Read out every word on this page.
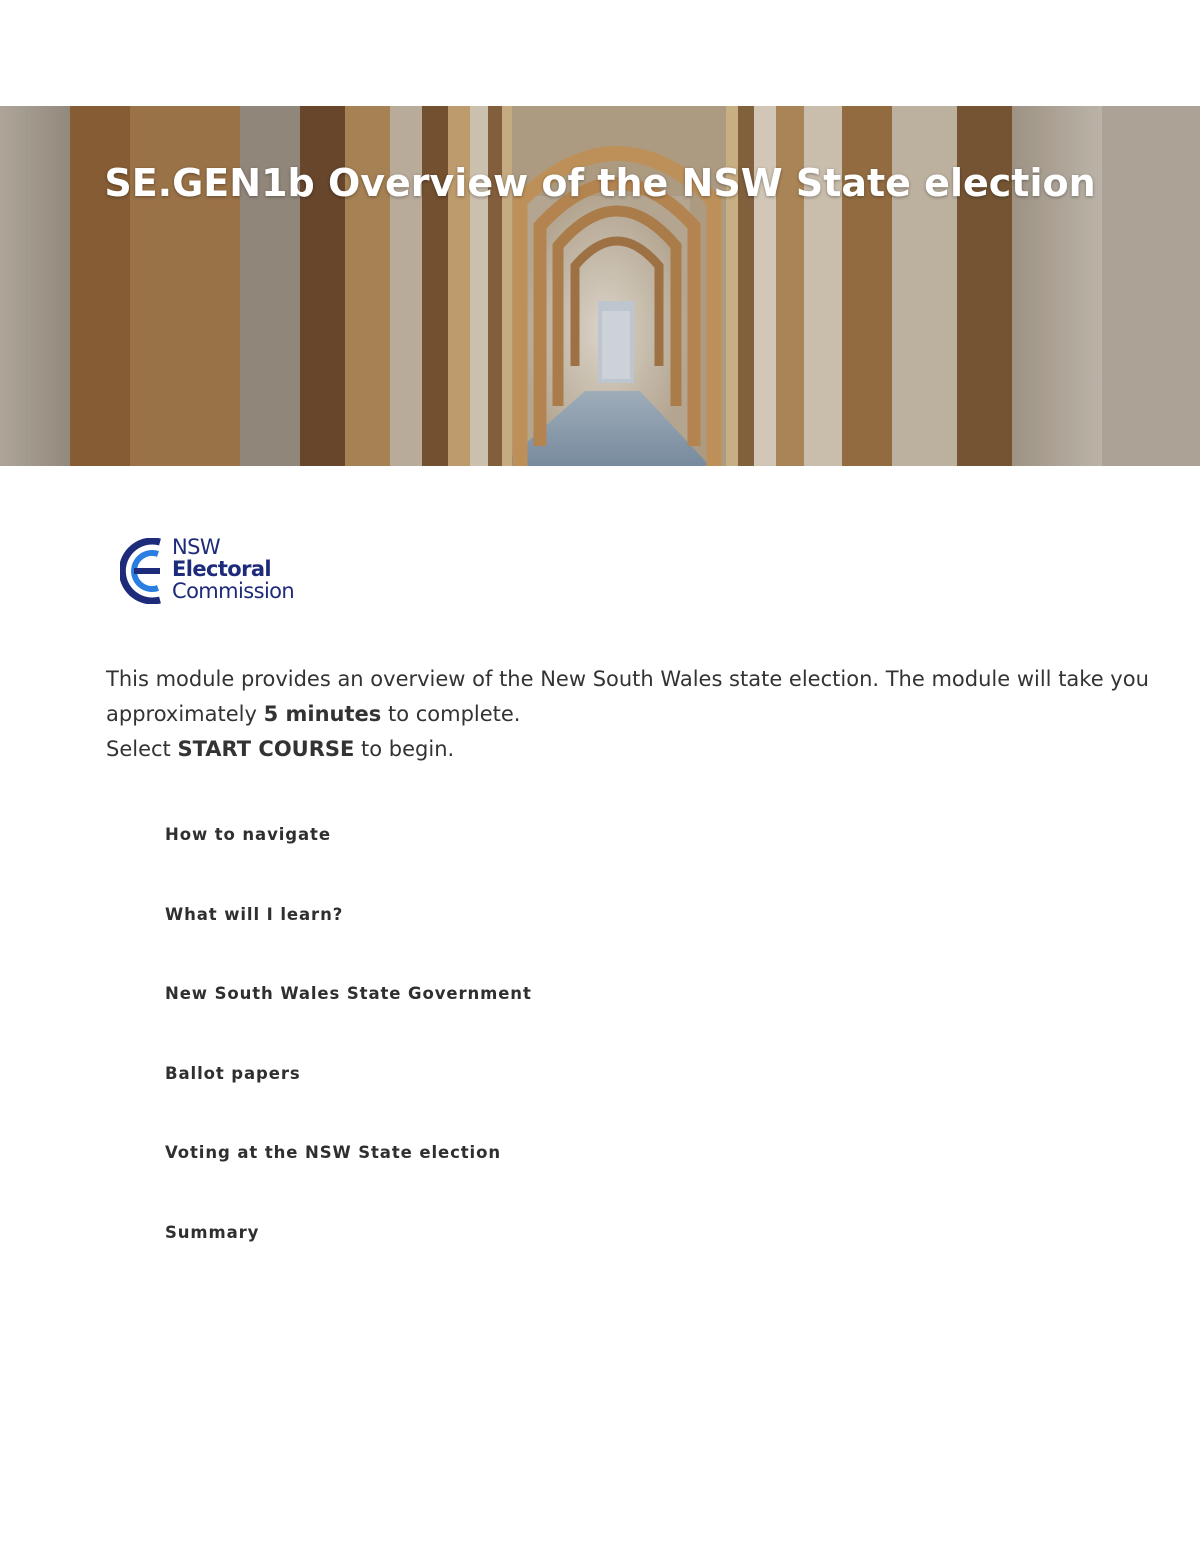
SE.GEN1b Overview of the NSW State election
NSW
Electoral
Commission

This module provides an overview of the New South Wales state election. The module will take you approximately 5 minutes to complete.

Select START COURSE to begin.

How to navigate
What will I learn?
New South Wales State Government
Ballot papers
Voting at the NSW State election
Summary
